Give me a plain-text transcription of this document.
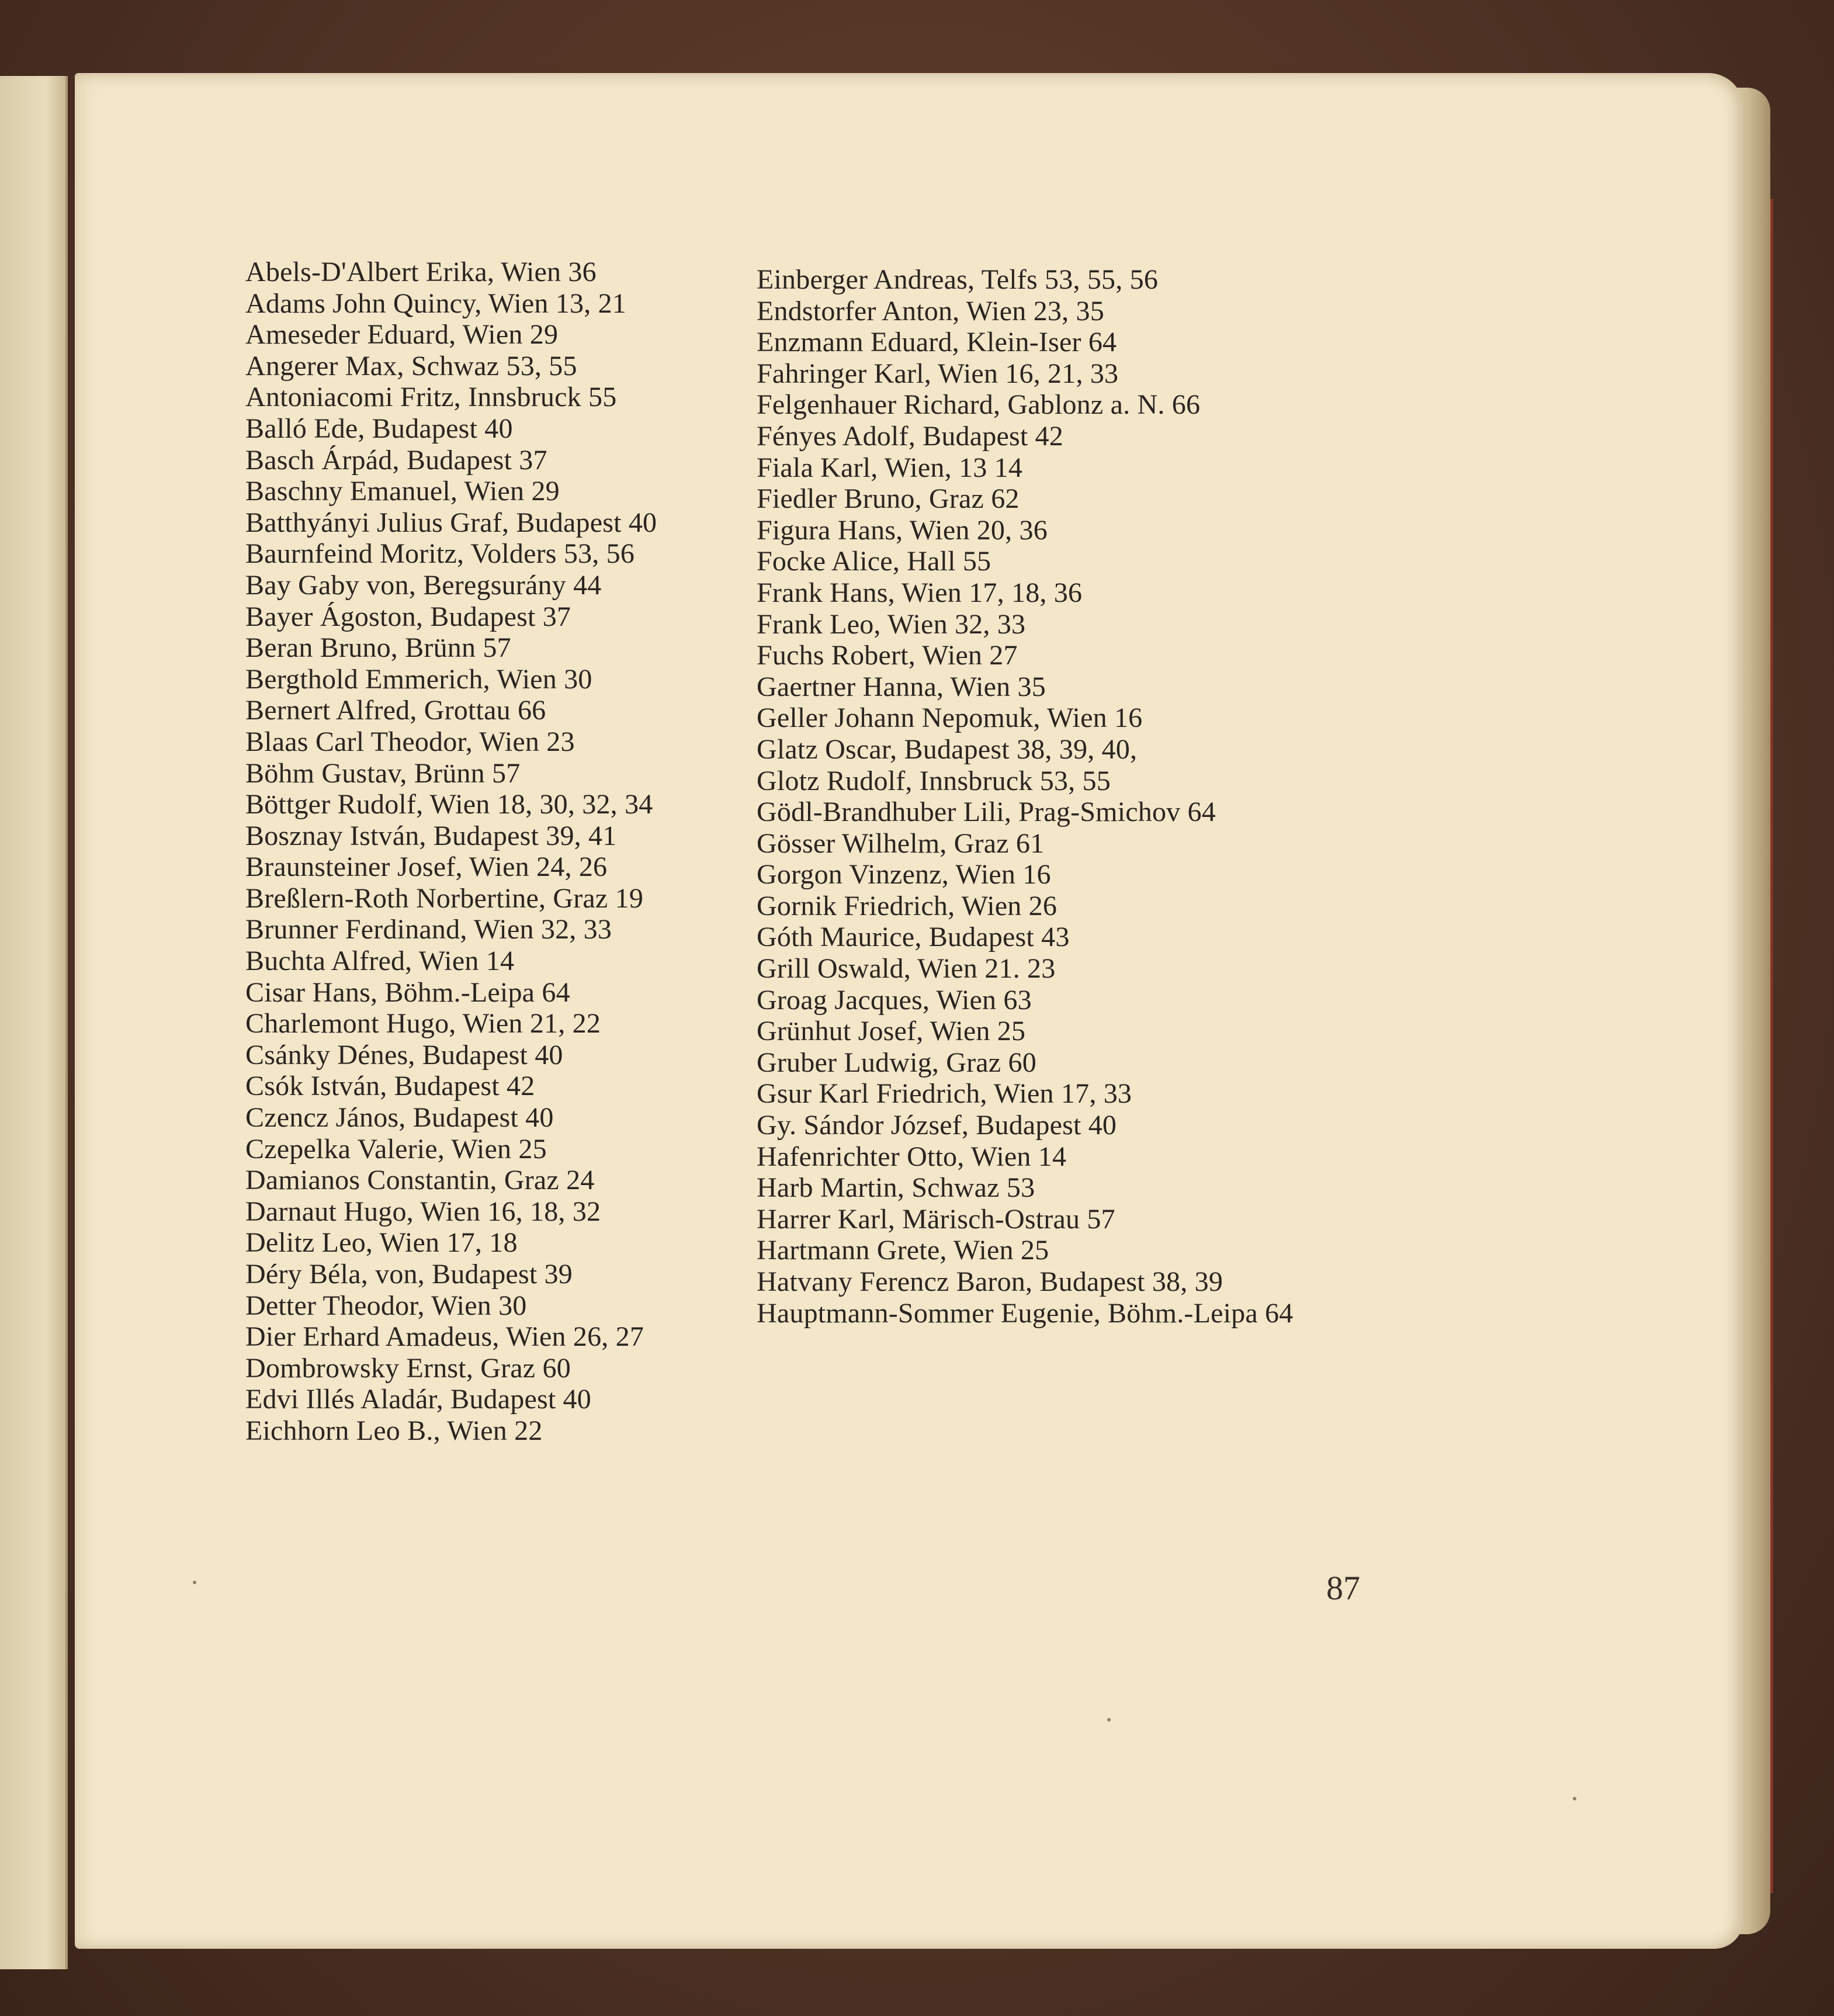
Abels-D'Albert Erika, Wien 36
Adams John Quincy, Wien 13, 21
Ameseder Eduard, Wien 29
Angerer Max, Schwaz 53, 55
Antoniacomi Fritz, Innsbruck 55
Balló Ede, Budapest 40
Basch Árpád, Budapest 37
Baschny Emanuel, Wien 29
Batthyányi Julius Graf, Budapest 40
Baurnfeind Moritz, Volders 53, 56
Bay Gaby von, Beregsurány 44
Bayer Ágoston, Budapest 37
Beran Bruno, Brünn 57
Bergthold Emmerich, Wien 30
Bernert Alfred, Grottau 66
Blaas Carl Theodor, Wien 23
Böhm Gustav, Brünn 57
Böttger Rudolf, Wien 18, 30, 32, 34
Bosznay István, Budapest 39, 41
Braunsteiner Josef, Wien 24, 26
Breßlern-Roth Norbertine, Graz 19
Brunner Ferdinand, Wien 32, 33
Buchta Alfred, Wien 14
Cisar Hans, Böhm.-Leipa 64
Charlemont Hugo, Wien 21, 22
Csánky Dénes, Budapest 40
Csók István, Budapest 42
Czencz János, Budapest 40
Czepelka Valerie, Wien 25
Damianos Constantin, Graz 24
Darnaut Hugo, Wien 16, 18, 32
Delitz Leo, Wien 17, 18
Déry Béla, von, Budapest 39
Detter Theodor, Wien 30
Dier Erhard Amadeus, Wien 26, 27
Dombrowsky Ernst, Graz 60
Edvi Illés Aladár, Budapest 40
Eichhorn Leo B., Wien 22
Einberger Andreas, Telfs 53, 55, 56
Endstorfer Anton, Wien 23, 35
Enzmann Eduard, Klein-Iser 64
Fahringer Karl, Wien 16, 21, 33
Felgenhauer Richard, Gablonz a. N. 66
Fényes Adolf, Budapest 42
Fiala Karl, Wien, 13 14
Fiedler Bruno, Graz 62
Figura Hans, Wien 20, 36
Focke Alice, Hall 55
Frank Hans, Wien 17, 18, 36
Frank Leo, Wien 32, 33
Fuchs Robert, Wien 27
Gaertner Hanna, Wien 35
Geller Johann Nepomuk, Wien 16
Glatz Oscar, Budapest 38, 39, 40,
Glotz Rudolf, Innsbruck 53, 55
Gödl-Brandhuber Lili, Prag-Smichov 64
Gösser Wilhelm, Graz 61
Gorgon Vinzenz, Wien 16
Gornik Friedrich, Wien 26
Góth Maurice, Budapest 43
Grill Oswald, Wien 21. 23
Groag Jacques, Wien 63
Grünhut Josef, Wien 25
Gruber Ludwig, Graz 60
Gsur Karl Friedrich, Wien 17, 33
Gy. Sándor József, Budapest 40
Hafenrichter Otto, Wien 14
Harb Martin, Schwaz 53
Harrer Karl, Märisch-Ostrau 57
Hartmann Grete, Wien 25
Hatvany Ferencz Baron, Budapest 38, 39
Hauptmann-Sommer Eugenie, Böhm.-Leipa 64
87
